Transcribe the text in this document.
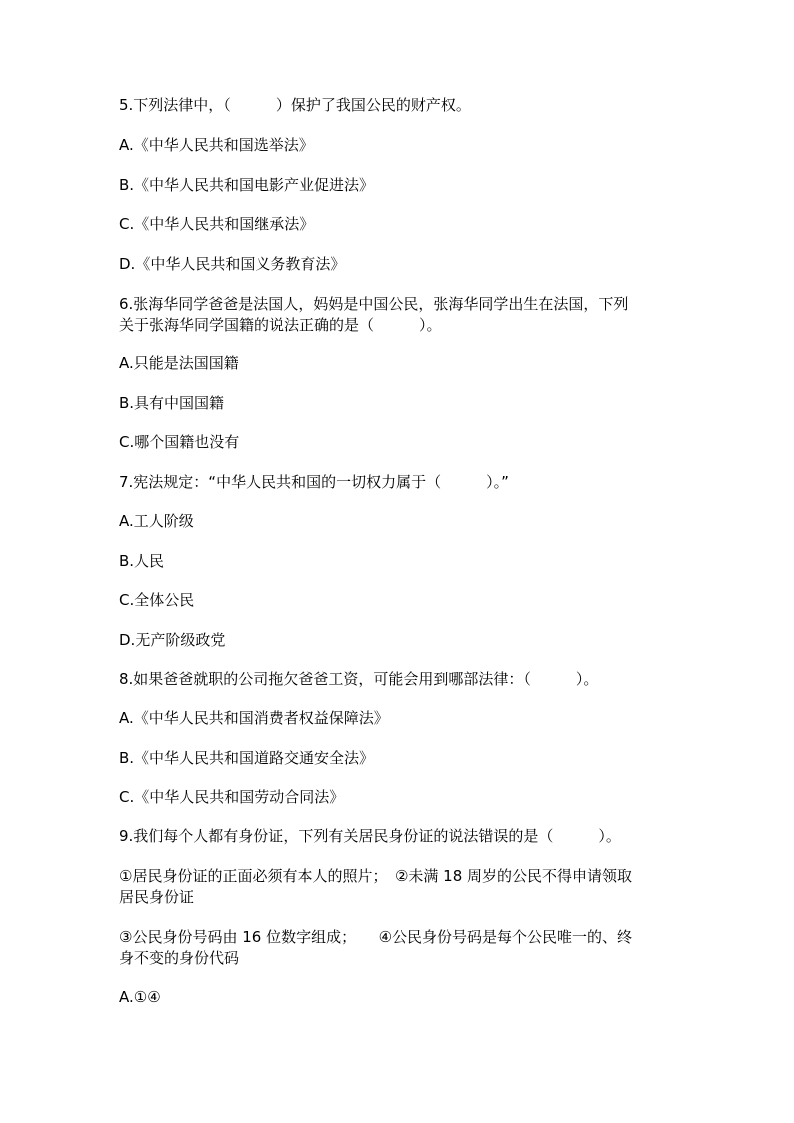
5.下列法律中，（　　　）保护了我国公民的财产权。
A.《中华人民共和国选举法》
B.《中华人民共和国电影产业促进法》
C.《中华人民共和国继承法》
D.《中华人民共和国义务教育法》
6.张海华同学爸爸是法国人，妈妈是中国公民，张海华同学出生在法国，下列
关于张海华同学国籍的说法正确的是（　　　）。
A.只能是法国国籍
B.具有中国国籍
C.哪个国籍也没有
7.宪法规定：“中华人民共和国的一切权力属于（　　　）。”
A.工人阶级
B.人民
C.全体公民
D.无产阶级政党
8.如果爸爸就职的公司拖欠爸爸工资，可能会用到哪部法律：（　　　）。
A.《中华人民共和国消费者权益保障法》
B.《中华人民共和国道路交通安全法》
C.《中华人民共和国劳动合同法》
9.我们每个人都有身份证，下列有关居民身份证的说法错误的是（　　　）。
①居民身份证的正面必须有本人的照片；　②未满 18 周岁的公民不得申请领取
居民身份证
③公民身份号码由 16 位数字组成；　　④公民身份号码是每个公民唯一的、终
身不变的身份代码
A.①④
